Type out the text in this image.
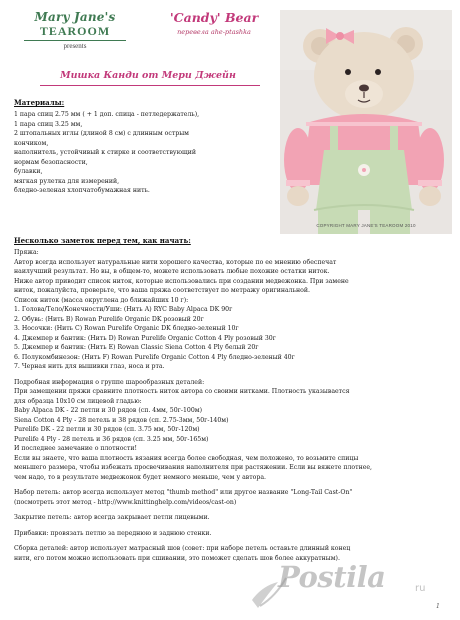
Mary Jane's
TEAROOM
presents
'Candy' Bear
перевела ahe-ptashka
Мишка Канди от Мери Джейн
COPYRIGHT MARY JANE'S TEAROOM 2010
Материалы:
1 пара спиц 2.75 мм ( + 1 доп. спица - петледержатель),
1 пара спиц 3.25 мм,
2 штопальных иглы (длиной 8 см) с длинным острым
кончиком,
наполнитель, устойчивый к стирке и соответствующий
нормам безопасности,
булавки,
мягкая рулетка для измерений,
бледно-зеленая хлопчатобумажная нить.
Несколько заметок перед тем, как начать:
Пряжа:
Автор всегда использует натуральные нити хорошего качества, которые по ее мнению обеспечат
наилучший результат. Но вы, в общем-то, можете использовать любые похожие остатки ниток.
Ниже автор приводит список ниток, которые использовались при создании медвежонка. При замене
ниток, пожалуйста, проверьте, что ваша пряжа соответствует по метражу оригинальной.
Список ниток (масса округлена до ближайших 10 г):
1. Голова/Тело/Конечности/Уши: (Нить А) RYC Baby Alpaca DK 90г
2. Обувь: (Нить В) Rowan Purelife Organic DK розовый 20г
3. Носочки: (Нить С) Rowan Purelife Organic DK бледно-зеленый 10г
4. Джемпер и бантик: (Нить D) Rowan Purelife Organic Cotton 4 Ply розовый 30г
5. Джемпер и бантик: (Нить Е) Rowan Classic Siena Cotton 4 Ply белый 20г
6. Полукомбинезон: (Нить F) Rowan Purelife Organic Cotton 4 Ply бледно-зеленый 40г
7. Черная нить для вышивки глаз, носа и рта.
Подробная информация о группе шарообразных деталей:
При замещении пряжи сравните плотность ниток автора со своими нитками. Плотность указывается
для образца 10х10 см лицевой гладью:
Baby Alpaca DK - 22 петли и 30 рядов (сп. 4мм, 50г-100м)
Siena Cotton 4 Ply - 28 петель и 38 рядов (сп. 2.75-3мм, 50г-140м)
Purelife DK - 22 петли и 30 рядов (сп. 3.75 мм, 50г-120м)
Purelife 4 Ply - 28 петель и 36 рядов (сп. 3.25 мм, 50г-165м)
И последнее замечание о плотности!
Если вы знаете, что ваша плотность вязания всегда более свободная, чем положено, то возьмите спицы
меньшего размера, чтобы избежать просвечивания наполнителя при растяжении. Если вы вяжете плотнее,
чем надо, то в результате медвежонок будет немного меньше, чем у автора.
Набор петель: автор всегда использует метод "thumb method" или другое название "Long-Tail Cast-On"
(посмотреть этот метод - http://www.knittinghelp.com/videos/cast-on)
Закрытие петель: автор всегда закрывает петли лицевыми.
Прибавки: провязать петлю за переднюю и заднюю стенки.
Сборка деталей: автор использует матрасный шов (совет: при наборе петель оставьте длинный конец
нити, его потом можно использовать при сшивании, это поможет сделать шов более аккуратным).
Postila	ru
1
